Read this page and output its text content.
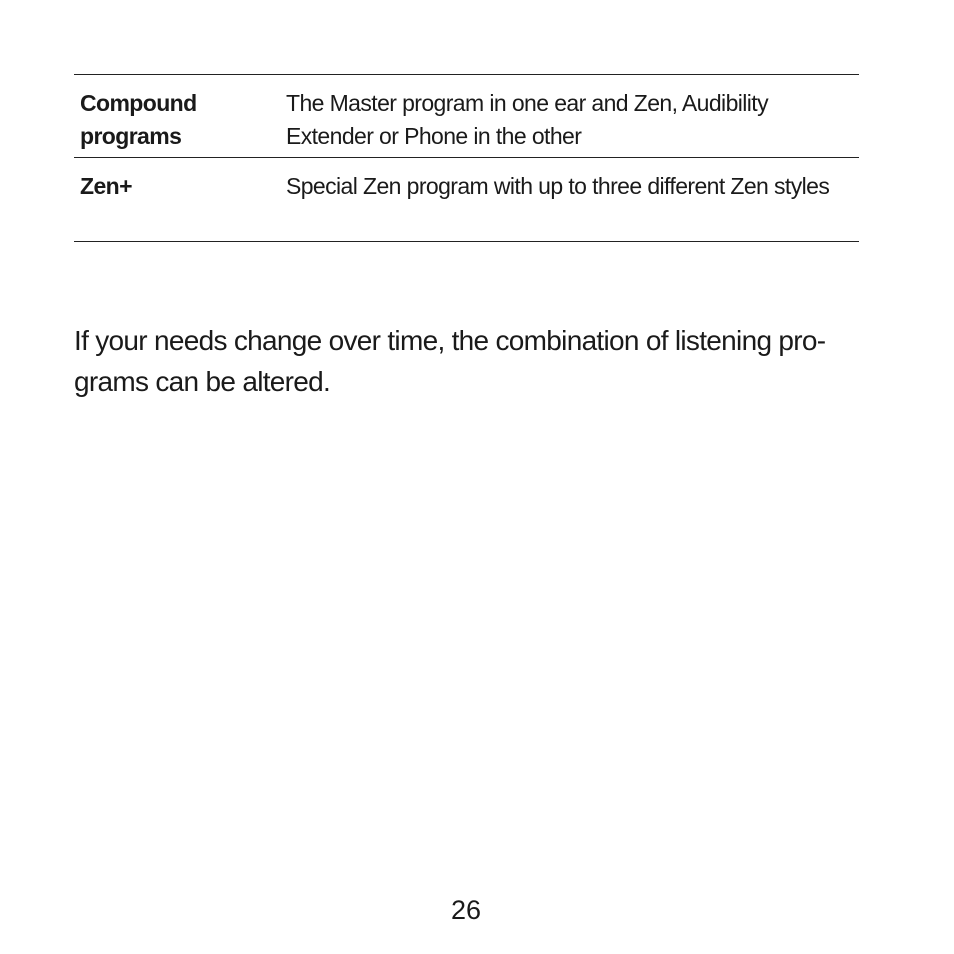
Compound programs	The Master program in one ear and Zen, Audibility Extender or Phone in the other
Zen+	Special Zen program with up to three different Zen styles

If your needs change over time, the combination of listening pro-grams can be altered.

26
